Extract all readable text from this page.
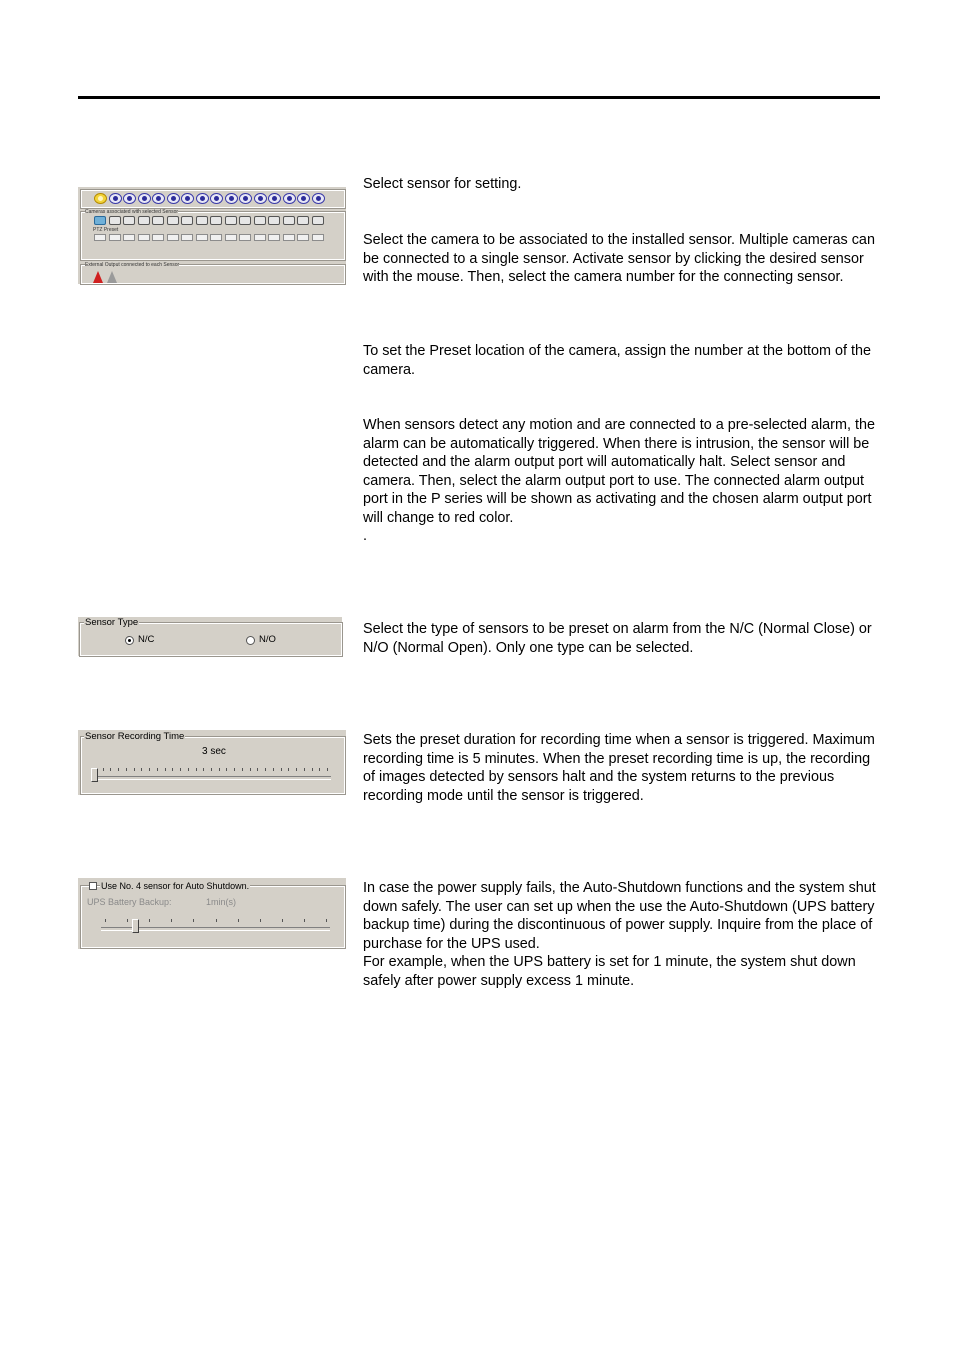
Cameras associated with selected Sensor
PTZ Preset
External Output connected to each Sensor

Select sensor for setting.

Select the camera to be associated to the installed sensor. Multiple cameras can be connected to a single sensor. Activate sensor by clicking the desired sensor with the mouse. Then, select the camera number for the connecting sensor.

To set the Preset location of the camera, assign the number at the bottom of the camera.

When sensors detect any motion and are connected to a pre-selected alarm, the alarm can be automatically triggered. When there is intrusion, the sensor will be detected and the alarm output port will automatically halt. Select sensor and camera. Then, select the alarm output port to use. The connected alarm output port in the P series will be shown as activating and the chosen alarm output port will change to red color.

.

Sensor Type
N/C	N/O

Select the type of sensors to be preset on alarm from the N/C (Normal Close) or N/O (Normal Open). Only one type can be selected.

Sensor Recording Time
3 sec

Sets the preset duration for recording time when a sensor is triggered. Maximum recording time is 5 minutes. When the preset recording time is up, the recording of images detected by sensors halt and the system returns to the previous recording mode until the sensor is triggered.

Use No. 4 sensor for Auto Shutdown.
UPS Battery Backup:	1min(s)

In case the power supply fails, the Auto-Shutdown functions and the system shut down safely. The user can set up when the use the Auto-Shutdown (UPS battery backup time) during the discontinuous of power supply. Inquire from the place of purchase for the UPS used.

For example, when the UPS battery is set for 1 minute, the system shut down safely after power supply excess 1 minute.
